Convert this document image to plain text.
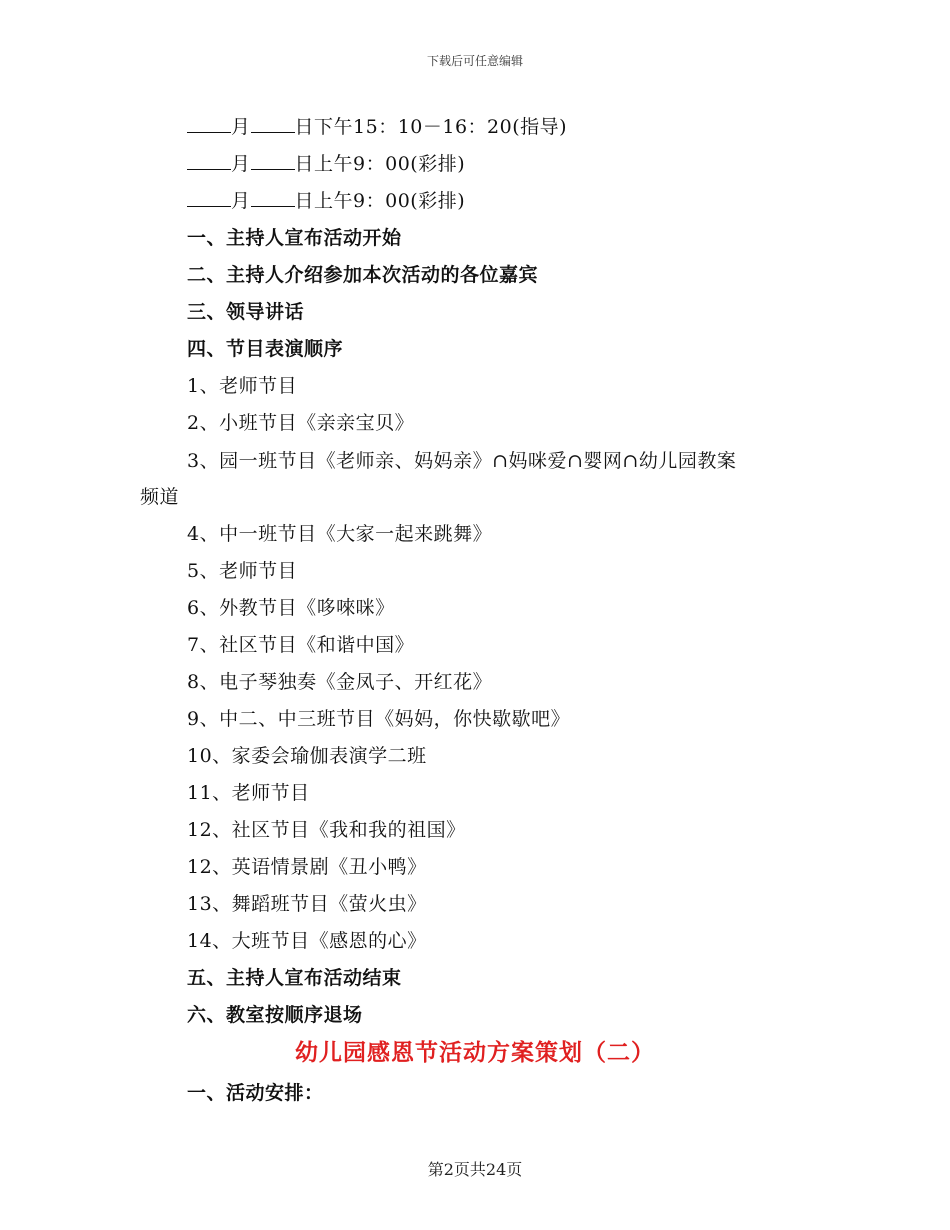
下载后可任意编辑
月 日下午15：10－16：20(指导)
月 日上午9：00(彩排)
月 日上午9：00(彩排)
一、主持人宣布活动开始
二、主持人介绍参加本次活动的各位嘉宾
三、领导讲话
四、节目表演顺序
1、老师节目
2、小班节目《亲亲宝贝》
3、园一班节目《老师亲、妈妈亲》∩妈咪爱∩婴网∩幼儿园教案
频道
4、中一班节目《大家一起来跳舞》
5、老师节目
6、外教节目《哆唻咪》
7、社区节目《和谐中国》
8、电子琴独奏《金凤子、开红花》
9、中二、中三班节目《妈妈，你快歇歇吧》
10、家委会瑜伽表演学二班
11、老师节目
12、社区节目《我和我的祖国》
12、英语情景剧《丑小鸭》
13、舞蹈班节目《萤火虫》
14、大班节目《感恩的心》
五、主持人宣布活动结束
六、教室按顺序退场
幼儿园感恩节活动方案策划（二）
一、活动安排：
第2页共24页
